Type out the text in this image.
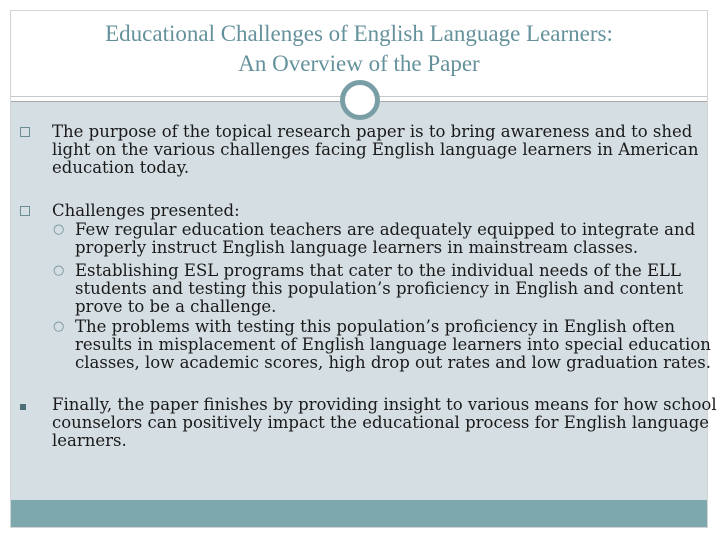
Educational Challenges of English Language Learners:
An Overview of the Paper
The purpose of the topical research paper is to bring awareness and to shed
light on the various challenges facing English language learners in American
education today.
Challenges presented:
○ Few regular education teachers are adequately equipped to integrate and
properly instruct English language learners in mainstream classes.
○ Establishing ESL programs that cater to the individual needs of the ELL
students and testing this population’s proficiency in English and content
prove to be a challenge.
○ The problems with testing this population’s proficiency in English often
results in misplacement of English language learners into special education
classes, low academic scores, high drop out rates and low graduation rates.
Finally, the paper finishes by providing insight to various means for how school
counselors can positively impact the educational process for English language
learners.
